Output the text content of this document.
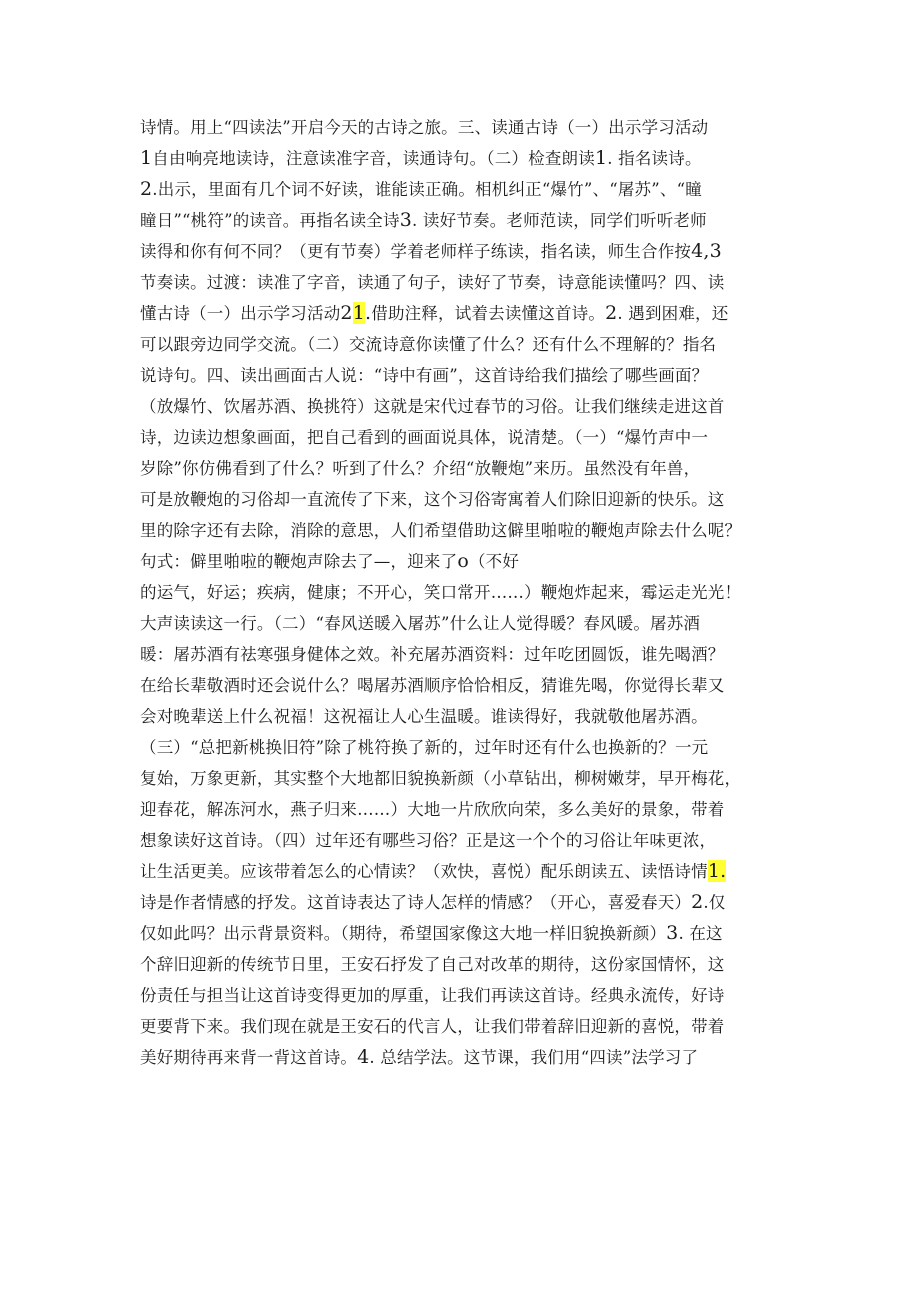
诗情。用上“四读法”开启今天的古诗之旅。三、读通古诗（一）出示学习活动
1自由响亮地读诗，注意读准字音，读通诗句。（二）检查朗读1. 指名读诗。
2.出示，里面有几个词不好读，谁能读正确。相机纠正“爆竹”、“屠苏”、“瞳
瞳日”“桃符”的读音。再指名读全诗3. 读好节奏。老师范读，同学们听听老师
读得和你有何不同？（更有节奏）学着老师样子练读，指名读，师生合作按4,3
节奏读。过渡：读准了字音，读通了句子，读好了节奏，诗意能读懂吗？四、读
懂古诗（一）出示学习活动21.借助注释，试着去读懂这首诗。2. 遇到困难，还
可以跟旁边同学交流。（二）交流诗意你读懂了什么？还有什么不理解的？指名
说诗句。四、读出画面古人说：“诗中有画”，这首诗给我们描绘了哪些画面？
（放爆竹、饮屠苏酒、换挑符）这就是宋代过春节的习俗。让我们继续走进这首
诗，边读边想象画面，把自己看到的画面说具体，说清楚。（一）“爆竹声中一
岁除”你仿佛看到了什么？听到了什么？介绍“放鞭炮”来历。虽然没有年兽，
可是放鞭炮的习俗却一直流传了下来，这个习俗寄寓着人们除旧迎新的快乐。这
里的除字还有去除，消除的意思，人们希望借助这僻里啪啦的鞭炮声除去什么呢？
句式：僻里啪啦的鞭炮声除去了—，迎来了o（不好
的运气，好运；疾病，健康；不开心，笑口常开……）鞭炮炸起来，霉运走光光！
大声读读这一行。（二）“春风送暖入屠苏”什么让人觉得暖？春风暖。屠苏酒
暖：屠苏酒有祛寒强身健体之效。补充屠苏酒资料：过年吃团圆饭，谁先喝酒？
在给长辈敬酒时还会说什么？喝屠苏酒顺序恰恰相反，猜谁先喝，你觉得长辈又
会对晚辈送上什么祝福！这祝福让人心生温暖。谁读得好，我就敬他屠苏酒。
（三）“总把新桃换旧符”除了桃符换了新的，过年时还有什么也换新的？一元
复始，万象更新，其实整个大地都旧貌换新颜（小草钻出，柳树嫩芽，早开梅花，
迎春花，解冻河水，燕子归来……）大地一片欣欣向荣，多么美好的景象，带着
想象读好这首诗。（四）过年还有哪些习俗？正是这一个个的习俗让年味更浓，
让生活更美。应该带着怎么的心情读？（欢快，喜悦）配乐朗读五、读悟诗情1.
诗是作者情感的抒发。这首诗表达了诗人怎样的情感？（开心，喜爱春天）2.仅
仅如此吗？出示背景资料。（期待，希望国家像这大地一样旧貌换新颜）3. 在这
个辞旧迎新的传统节日里，王安石抒发了自己对改革的期待，这份家国情怀，这
份责任与担当让这首诗变得更加的厚重，让我们再读这首诗。经典永流传，好诗
更要背下来。我们现在就是王安石的代言人，让我们带着辞旧迎新的喜悦，带着
美好期待再来背一背这首诗。4. 总结学法。这节课，我们用“四读”法学习了
